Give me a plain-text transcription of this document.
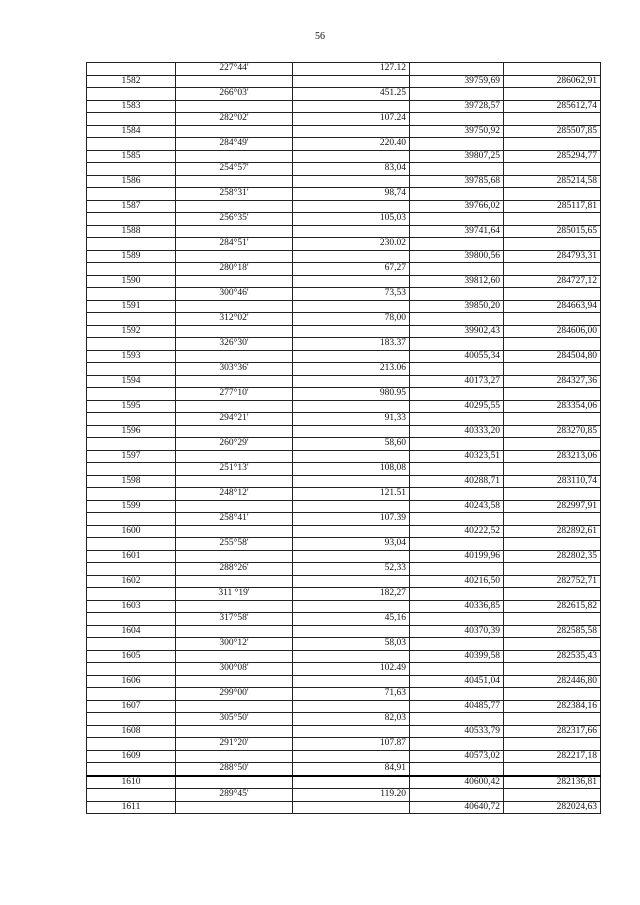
56
	227°44'	127.12		
1582			39759,69	286062,91
	266°03'	451.25		
1583			39728,57	285612,74
	282°02'	107.24		
1584			39750,92	285507,85
	284°49'	220.40		
1585			39807,25	285294,77
	254°57'	83,04		
1586			39785,68	285214,58
	258°31'	98,74		
1587			39766,02	285117,81
	256°35'	105,03		
1588			39741,64	285015,65
	284°51'	230.02		
1589			39800,56	284793,31
	280°18'	67,27		
1590			39812,60	284727,12
	300°46'	73,53		
1591			39850,20	284663,94
	312°02'	78,00		
1592			39902,43	284606,00
	326°30'	183.37		
1593			40055,34	284504,80
	303°36'	213.06		
1594			40173,27	284327,36
	277°10'	980.95		
1595			40295,55	283354,06
	294°21'	91,33		
1596			40333,20	283270,85
	260°29'	58,60		
1597			40323,51	283213,06
	251°13'	108,08		
1598			40288,71	283110,74
	248°12'	121.51		
1599			40243,58	282997,91
	258°41'	107.39		
1600			40222,52	282892,61
	255°58'	93,04		
1601			40199,96	282802,35
	288°26'	52,33		
1602			40216,50	282752,71
	311 °19'	182,27		
1603			40336,85	282615,82
	317°58'	45,16		
1604			40370,39	282585,58
	300°12'	58,03		
1605			40399,58	282535,43
	300°08'	102.49		
1606			40451,04	282446,80
	299°00'	71,63		
1607			40485,77	282384,16
	305°50'	82,03		
1608			40533,79	282317,66
	291°20'	107.87		
1609			40573,02	282217,18
	288°50'	84,91		
1610			40600,42	282136,81
	289°45'	119.20		
1611			40640,72	282024,63
